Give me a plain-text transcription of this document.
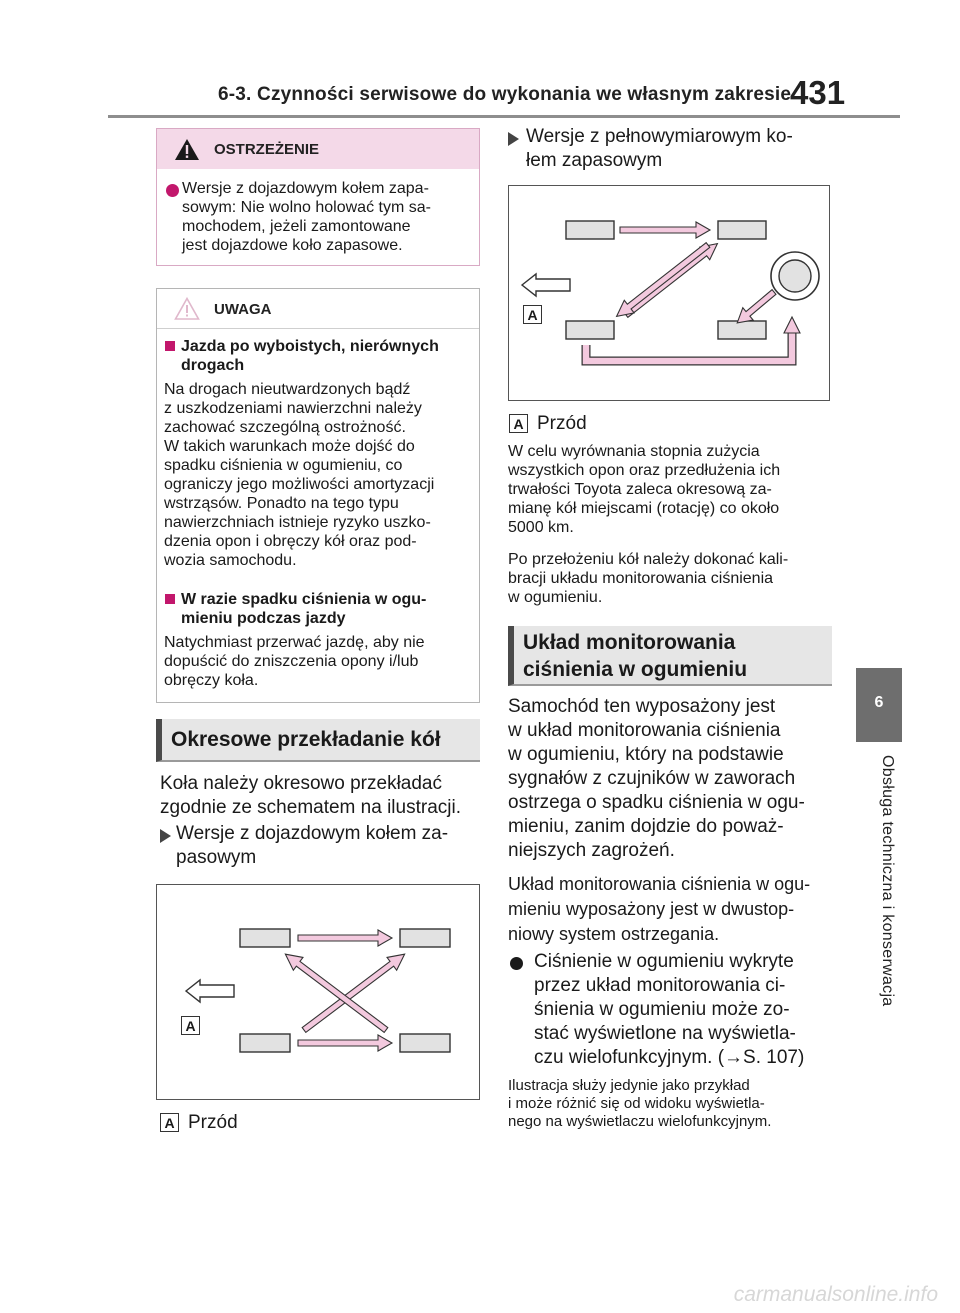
6-3. Czynności serwisowe do wykonania we własnym zakresie
431
6
Obsługa techniczna i konserwacja
OSTRZEŻENIE
Wersje z dojazdowym kołem zapa-
sowym: Nie wolno holować tym sa-
mochodem, jeżeli zamontowane
jest dojazdowe koło zapasowe.
UWAGA
Jazda po wyboistych, nierównych
drogach
Na drogach nieutwardzonych bądź
z uszkodzeniami nawierzchni należy
zachować szczególną ostrożność.
W takich warunkach może dojść do
spadku ciśnienia w ogumieniu, co
ograniczy jego możliwości amortyzacji
wstrząsów. Ponadto na tego typu
nawierzchniach istnieje ryzyko uszko-
dzenia opon i obręczy kół oraz pod-
wozia samochodu.
W razie spadku ciśnienia w ogu-
mieniu podczas jazdy
Natychmiast przerwać jazdę, aby nie
dopuścić do zniszczenia opony i/lub
obręczy koła.
Okresowe przekładanie kół
Koła należy okresowo przekładać
zgodnie ze schematem na ilustracji.
Wersje z dojazdowym kołem za-
pasowym
A
A Przód
Wersje z pełnowymiarowym ko-
łem zapasowym
A
A Przód
W celu wyrównania stopnia zużycia
wszystkich opon oraz przedłużenia ich
trwałości Toyota zaleca okresową za-
mianę kół miejscami (rotację) co około
5000 km.
Po przełożeniu kół należy dokonać kali-
bracji układu monitorowania ciśnienia
w ogumieniu.
Układ monitorowania
ciśnienia w ogumieniu
Samochód ten wyposażony jest
w układ monitorowania ciśnienia
w ogumieniu, który na podstawie
sygnałów z czujników w zaworach
ostrzega o spadku ciśnienia w ogu-
mieniu, zanim dojdzie do poważ-
niejszych zagrożeń.
Układ monitorowania ciśnienia w ogu-
mieniu wyposażony jest w dwustop-
niowy system ostrzegania.
Ciśnienie w ogumieniu wykryte
przez układ monitorowania ci-
śnienia w ogumieniu może zo-
stać wyświetlone na wyświetla-
czu wielofunkcyjnym. (→S. 107)
Ilustracja służy jedynie jako przykład
i może różnić się od widoku wyświetla-
nego na wyświetlaczu wielofunkcyjnym.
carmanualsonline.info
